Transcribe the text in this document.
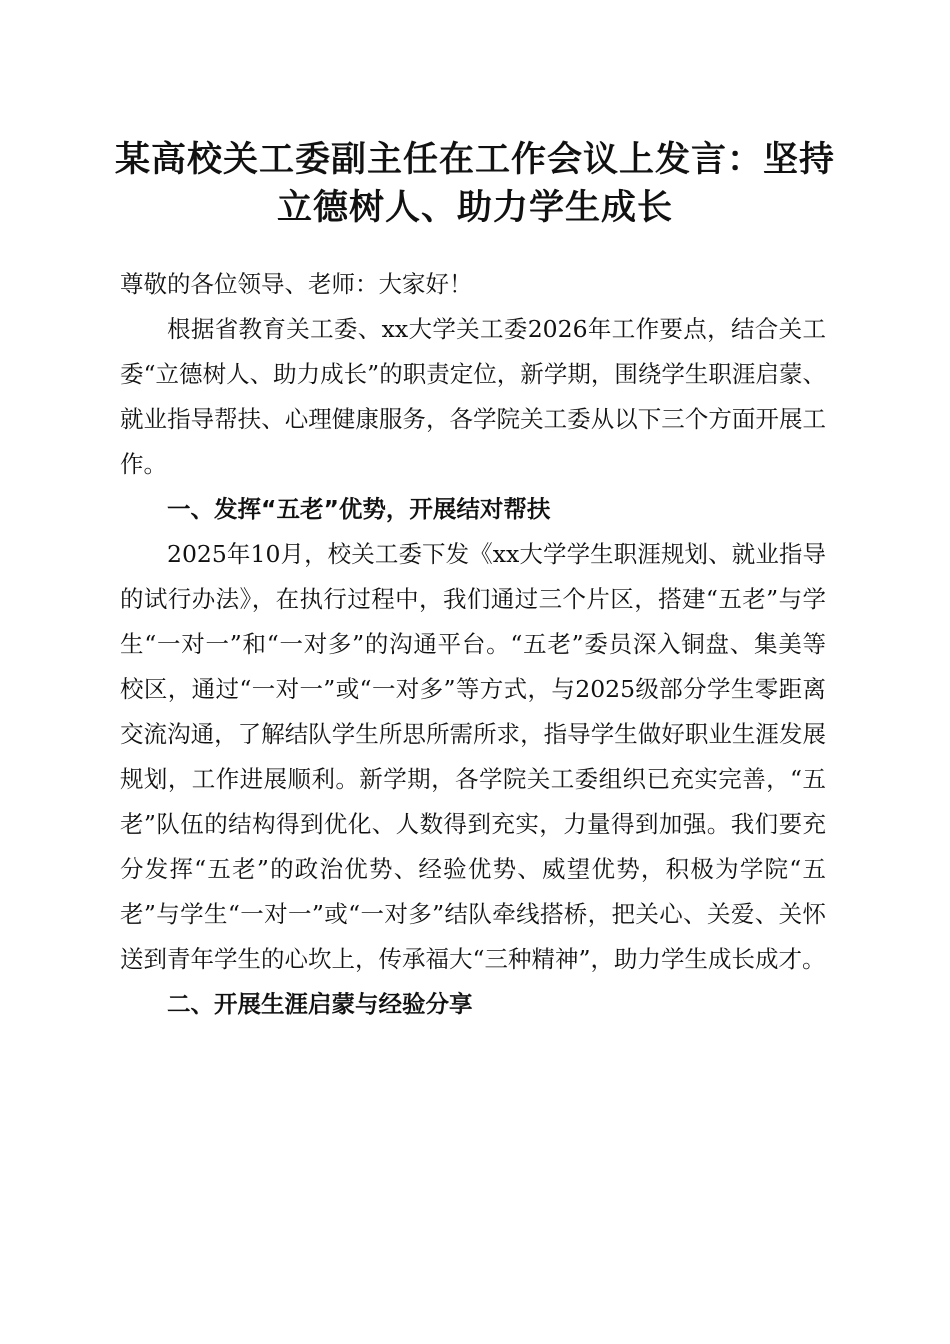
某高校关工委副主任在工作会议上发言：坚持
立德树人、助力学生成长

尊敬的各位领导、老师：大家好！

根据省教育关工委、xx大学关工委2026年工作要点，结合关工委“立德树人、助力成长”的职责定位，新学期，围绕学生职涯启蒙、就业指导帮扶、心理健康服务，各学院关工委从以下三个方面开展工作。

一、发挥“五老”优势，开展结对帮扶

2025年10月，校关工委下发《xx大学学生职涯规划、就业指导的试行办法》，在执行过程中，我们通过三个片区，搭建“五老”与学生“一对一”和“一对多”的沟通平台。“五老”委员深入铜盘、集美等校区，通过“一对一”或“一对多”等方式，与2025级部分学生零距离交流沟通，了解结队学生所思所需所求，指导学生做好职业生涯发展规划，工作进展顺利。新学期，各学院关工委组织已充实完善，“五老”队伍的结构得到优化、人数得到充实，力量得到加强。我们要充分发挥“五老”的政治优势、经验优势、威望优势，积极为学院“五老”与学生“一对一”或“一对多”结队牵线搭桥，把关心、关爱、关怀送到青年学生的心坎上，传承福大“三种精神”，助力学生成长成才。

二、开展生涯启蒙与经验分享
